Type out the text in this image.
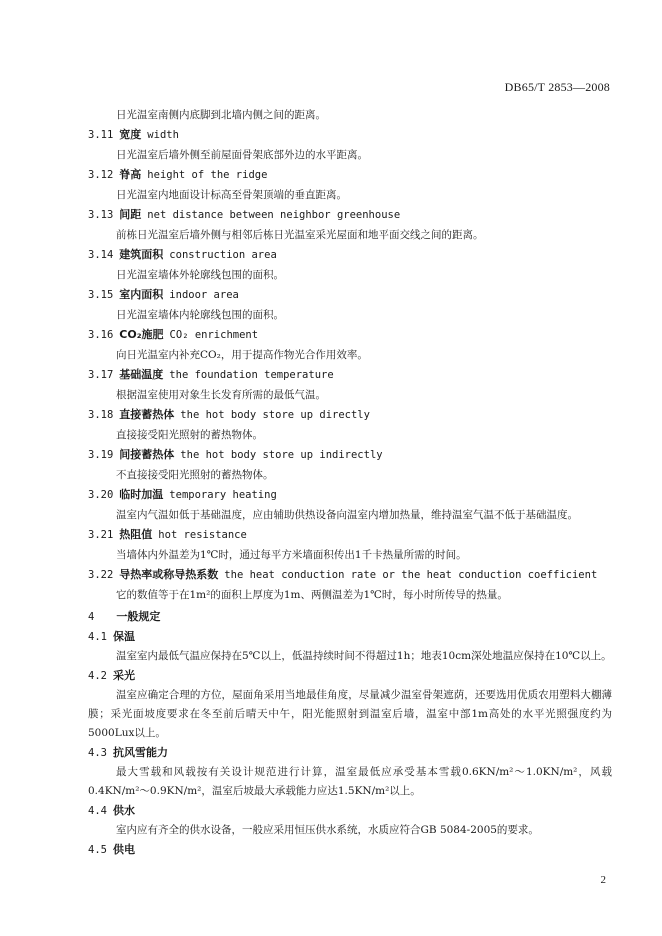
DB65/T 2853—2008
日光温室南侧内底脚到北墙内侧之间的距离。
3.11 宽度 width
日光温室后墙外侧至前屋面骨架底部外边的水平距离。
3.12 脊高 height of the ridge
日光温室内地面设计标高至骨架顶端的垂直距离。
3.13 间距 net distance between neighbor greenhouse
前栋日光温室后墙外侧与相邻后栋日光温室采光屋面和地平面交线之间的距离。
3.14 建筑面积 construction area
日光温室墙体外轮廓线包围的面积。
3.15 室内面积 indoor area
日光温室墙体内轮廓线包围的面积。
3.16 CO₂施肥 CO₂ enrichment
向日光温室内补充CO₂，用于提高作物光合作用效率。
3.17 基础温度 the foundation temperature
根据温室使用对象生长发育所需的最低气温。
3.18 直接蓄热体 the hot body store up directly
直接接受阳光照射的蓄热物体。
3.19 间接蓄热体 the hot body store up indirectly
不直接接受阳光照射的蓄热物体。
3.20 临时加温 temporary heating
温室内气温如低于基础温度，应由辅助供热设备向温室内增加热量，维持温室气温不低于基础温度。
3.21 热阻值 hot resistance
当墙体内外温差为1℃时，通过每平方米墙面积传出1千卡热量所需的时间。
3.22 导热率或称导热系数 the heat conduction rate or the heat conduction coefficient
它的数值等于在1m²的面积上厚度为1m、两侧温差为1℃时，每小时所传导的热量。
4 一般规定
4.1 保温
温室室内最低气温应保持在5℃以上，低温持续时间不得超过1h；地表10cm深处地温应保持在10℃以上。
4.2 采光
温室应确定合理的方位，屋面角采用当地最佳角度，尽量减少温室骨架遮荫，还要选用优质农用塑料大棚薄膜；采光面坡度要求在冬至前后晴天中午，阳光能照射到温室后墙，温室中部1m高处的水平光照强度约为5000Lux以上。
4.3 抗风雪能力
最大雪载和风载按有关设计规范进行计算，温室最低应承受基本雪载0.6KN/m²～1.0KN/m²，风载0.4KN/m²～0.9KN/m²，温室后坡最大承载能力应达1.5KN/m²以上。
4.4 供水
室内应有齐全的供水设备，一般应采用恒压供水系统，水质应符合GB 5084-2005的要求。
4.5 供电
2
